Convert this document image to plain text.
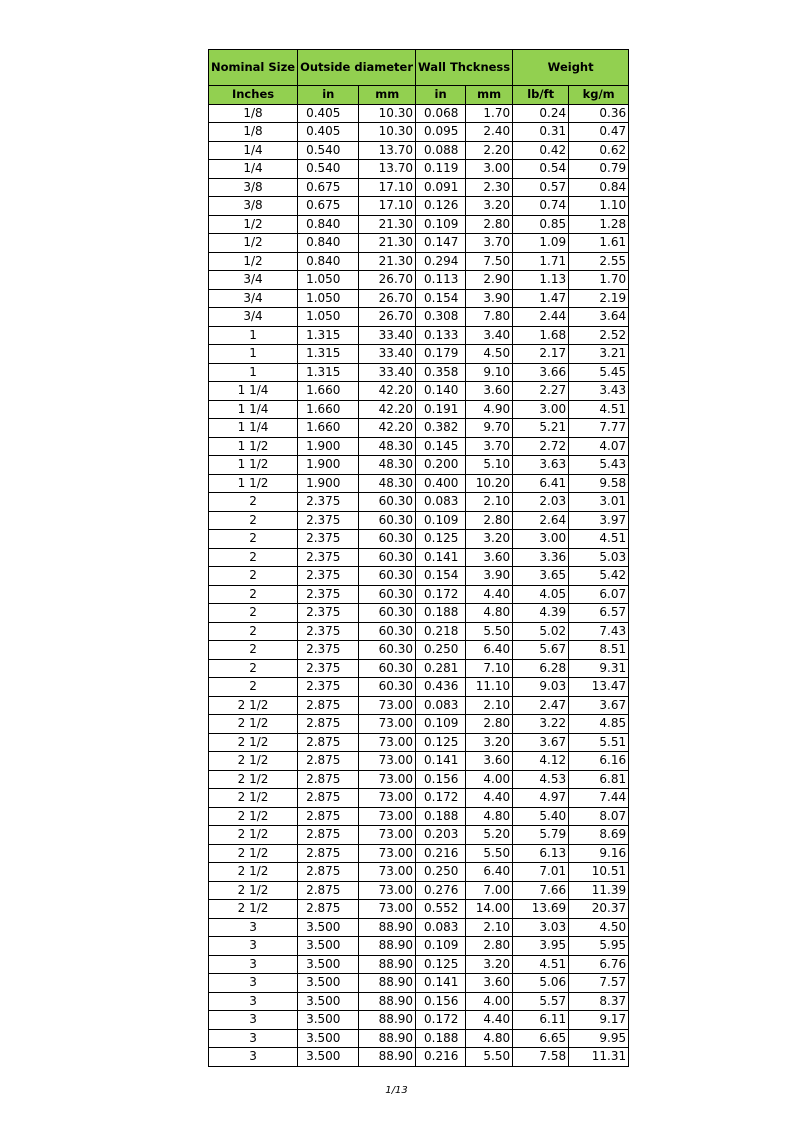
Nominal Size	Outside diameter		Wall Thckness		Weight	
Inches	in	mm	in	mm	lb/ft	kg/m
1/8	0.405	10.30	0.068	1.70	0.24	0.36
1/8	0.405	10.30	0.095	2.40	0.31	0.47
1/4	0.540	13.70	0.088	2.20	0.42	0.62
1/4	0.540	13.70	0.119	3.00	0.54	0.79
3/8	0.675	17.10	0.091	2.30	0.57	0.84
3/8	0.675	17.10	0.126	3.20	0.74	1.10
1/2	0.840	21.30	0.109	2.80	0.85	1.28
1/2	0.840	21.30	0.147	3.70	1.09	1.61
1/2	0.840	21.30	0.294	7.50	1.71	2.55
3/4	1.050	26.70	0.113	2.90	1.13	1.70
3/4	1.050	26.70	0.154	3.90	1.47	2.19
3/4	1.050	26.70	0.308	7.80	2.44	3.64
1	1.315	33.40	0.133	3.40	1.68	2.52
1	1.315	33.40	0.179	4.50	2.17	3.21
1	1.315	33.40	0.358	9.10	3.66	5.45
1 1/4	1.660	42.20	0.140	3.60	2.27	3.43
1 1/4	1.660	42.20	0.191	4.90	3.00	4.51
1 1/4	1.660	42.20	0.382	9.70	5.21	7.77
1 1/2	1.900	48.30	0.145	3.70	2.72	4.07
1 1/2	1.900	48.30	0.200	5.10	3.63	5.43
1 1/2	1.900	48.30	0.400	10.20	6.41	9.58
2	2.375	60.30	0.083	2.10	2.03	3.01
2	2.375	60.30	0.109	2.80	2.64	3.97
2	2.375	60.30	0.125	3.20	3.00	4.51
2	2.375	60.30	0.141	3.60	3.36	5.03
2	2.375	60.30	0.154	3.90	3.65	5.42
2	2.375	60.30	0.172	4.40	4.05	6.07
2	2.375	60.30	0.188	4.80	4.39	6.57
2	2.375	60.30	0.218	5.50	5.02	7.43
2	2.375	60.30	0.250	6.40	5.67	8.51
2	2.375	60.30	0.281	7.10	6.28	9.31
2	2.375	60.30	0.436	11.10	9.03	13.47
2 1/2	2.875	73.00	0.083	2.10	2.47	3.67
2 1/2	2.875	73.00	0.109	2.80	3.22	4.85
2 1/2	2.875	73.00	0.125	3.20	3.67	5.51
2 1/2	2.875	73.00	0.141	3.60	4.12	6.16
2 1/2	2.875	73.00	0.156	4.00	4.53	6.81
2 1/2	2.875	73.00	0.172	4.40	4.97	7.44
2 1/2	2.875	73.00	0.188	4.80	5.40	8.07
2 1/2	2.875	73.00	0.203	5.20	5.79	8.69
2 1/2	2.875	73.00	0.216	5.50	6.13	9.16
2 1/2	2.875	73.00	0.250	6.40	7.01	10.51
2 1/2	2.875	73.00	0.276	7.00	7.66	11.39
2 1/2	2.875	73.00	0.552	14.00	13.69	20.37
3	3.500	88.90	0.083	2.10	3.03	4.50
3	3.500	88.90	0.109	2.80	3.95	5.95
3	3.500	88.90	0.125	3.20	4.51	6.76
3	3.500	88.90	0.141	3.60	5.06	7.57
3	3.500	88.90	0.156	4.00	5.57	8.37
3	3.500	88.90	0.172	4.40	6.11	9.17
3	3.500	88.90	0.188	4.80	6.65	9.95
3	3.500	88.90	0.216	5.50	7.58	11.31
1/13
